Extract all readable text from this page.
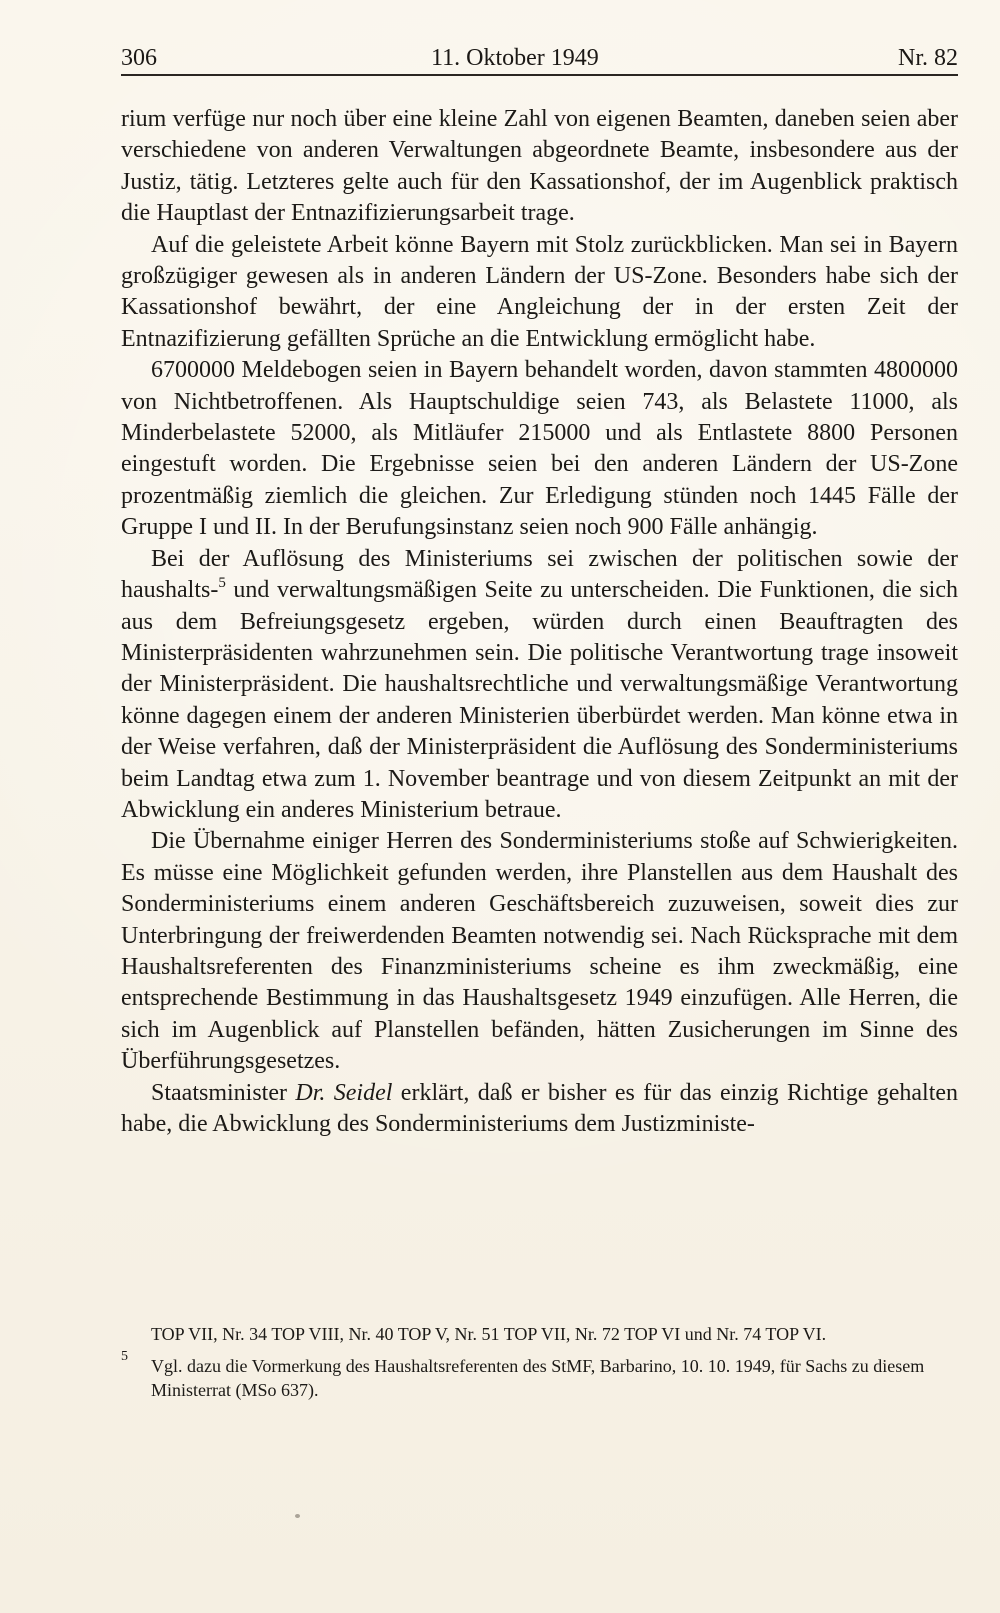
306	11. Oktober 1949	Nr. 82

rium verfüge nur noch über eine kleine Zahl von eigenen Beamten, daneben seien aber verschiedene von anderen Verwaltungen abgeordnete Beamte, insbesondere aus der Justiz, tätig. Letzteres gelte auch für den Kassationshof, der im Augenblick praktisch die Hauptlast der Entnazifizierungsarbeit trage.

Auf die geleistete Arbeit könne Bayern mit Stolz zurückblicken. Man sei in Bayern großzügiger gewesen als in anderen Ländern der US-Zone. Besonders habe sich der Kassationshof bewährt, der eine Angleichung der in der ersten Zeit der Entnazifizierung gefällten Sprüche an die Entwicklung ermöglicht habe.

6700000 Meldebogen seien in Bayern behandelt worden, davon stammten 4800000 von Nichtbetroffenen. Als Hauptschuldige seien 743, als Belastete 11000, als Minderbelastete 52000, als Mitläufer 215000 und als Entlastete 8800 Personen eingestuft worden. Die Ergebnisse seien bei den anderen Ländern der US-Zone prozentmäßig ziemlich die gleichen. Zur Erledigung stünden noch 1445 Fälle der Gruppe I und II. In der Berufungsinstanz seien noch 900 Fälle anhängig.

Bei der Auflösung des Ministeriums sei zwischen der politischen sowie der haushalts-$^5$ und verwaltungsmäßigen Seite zu unterscheiden. Die Funktionen, die sich aus dem Befreiungsgesetz ergeben, würden durch einen Beauftragten des Ministerpräsidenten wahrzunehmen sein. Die politische Verantwortung trage insoweit der Ministerpräsident. Die haushaltsrechtliche und verwaltungsmäßige Verantwortung könne dagegen einem der anderen Ministerien überbürdet werden. Man könne etwa in der Weise verfahren, daß der Ministerpräsident die Auflösung des Sonderministeriums beim Landtag etwa zum 1. November beantrage und von diesem Zeitpunkt an mit der Abwicklung ein anderes Ministerium betraue.

Die Übernahme einiger Herren des Sonderministeriums stoße auf Schwierigkeiten. Es müsse eine Möglichkeit gefunden werden, ihre Planstellen aus dem Haushalt des Sonderministeriums einem anderen Geschäftsbereich zuzuweisen, soweit dies zur Unterbringung der freiwerdenden Beamten notwendig sei. Nach Rücksprache mit dem Haushaltsreferenten des Finanzministeriums scheine es ihm zweckmäßig, eine entsprechende Bestimmung in das Haushaltsgesetz 1949 einzufügen. Alle Herren, die sich im Augenblick auf Planstellen befänden, hätten Zusicherungen im Sinne des Überführungsgesetzes.

Staatsminister Dr. Seidel erklärt, daß er bisher es für das einzig Richtige gehalten habe, die Abwicklung des Sonderministeriums dem Justizministe-

TOP VII, Nr. 34 TOP VIII, Nr. 40 TOP V, Nr. 51 TOP VII, Nr. 72 TOP VI und Nr. 74 TOP VI.

5 Vgl. dazu die Vormerkung des Haushaltsreferenten des StMF, Barbarino, 10. 10. 1949, für Sachs zu diesem Ministerrat (MSo 637).
